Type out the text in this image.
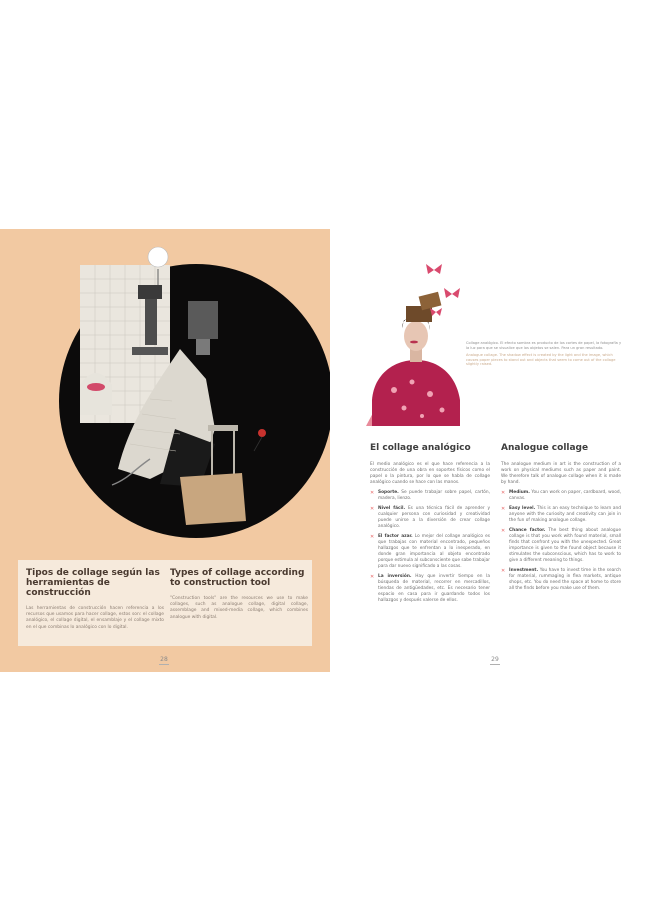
Tipos de collage según las herramientas de construcción

Las herramientas de construcción hacen referencia a los recursos que usamos para hacer collage, estos son: el collage analógico, el collage digital, el ensamblaje y el collage mixto en el que combinas lo analógico con lo digital.

Types of collage according to construction tool

"Construction tools" are the resources we use to make collages, such as analogue collage, digital collage, assemblage and mixed-media collage, which combines analogue with digital.

28

Collage analógico. El efecto sombra es producto de los cortes de papel, la fotografía y la luz para que se visualice que los objetos se salen. Para un gran resultado.

Analogue collage. The shadow effect is created by the light and the image, which causes paper pieces to stand out and objects that seem to come out of the collage slightly raised.

El collage analógico	Analogue collage

El medio analógico es el que hace referencia a la construcción de una obra en soportes físicos como el papel o la pintura, por lo que se habla de collage analógico cuando se hace con las manos.

✕ Soporte. Se puede trabajar sobre papel, cartón, madera, lienzo.

✕ Nivel fácil. Es una técnica fácil de aprender y cualquier persona con curiosidad y creatividad puede unirse a la diversión de crear collage analógico.

✕ El factor azar. Lo mejor del collage analógico es que trabajas con material encontrado, pequeños hallazgos que te enfrentan a lo inesperado, en donde gran importancia al objeto encontrado porque estimula al subconsciente que sabe trabajar para dar nuevo significado a las cosas.

✕ La inversión. Hay que invertir tiempo en la búsqueda de material, recorrer en mercadillos, tiendas de antigüedades, etc. Es necesario tener espacio en casa para ir guardando todos los hallazgos y después valerse de ellos.

The analogue medium in art is the construction of a work on physical mediums such as paper and paint. We therefore talk of analogue collage when it is made by hand.

✕ Medium. You can work on paper, cardboard, wood, canvas.

✕ Easy level. This is an easy technique to learn and anyone with the curiosity and creativity can join in the fun of making analogue collage.

✕ Chance factor. The best thing about analogue collage is that you work with found material, small finds that confront you with the unexpected. Great importance is given to the found object because it stimulates the subconscious, which has to work to give a different meaning to things.

✕ Investment. You have to invest time in the search for material, rummaging in flea markets, antique shops, etc. You do need the space at home to store all the finds before you make use of them.

29
